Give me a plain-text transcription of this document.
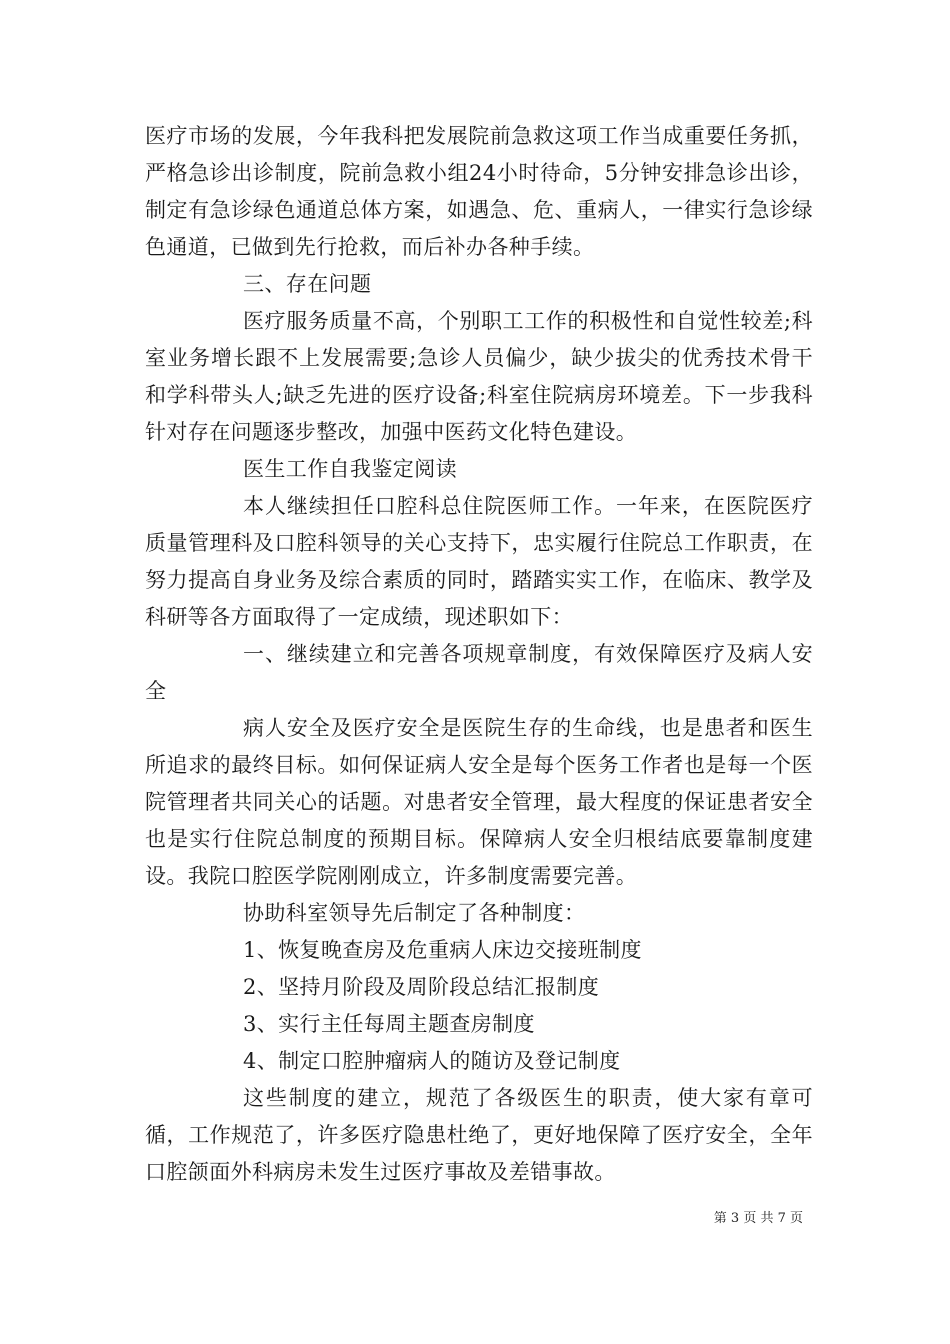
医疗市场的发展，今年我科把发展院前急救这项工作当成重要任务抓，严格急诊出诊制度，院前急救小组24小时待命，5分钟安排急诊出诊，制定有急诊绿色通道总体方案，如遇急、危、重病人，一律实行急诊绿色通道，已做到先行抢救，而后补办各种手续。

三、存在问题

医疗服务质量不高，个别职工工作的积极性和自觉性较差;科室业务增长跟不上发展需要;急诊人员偏少，缺少拔尖的优秀技术骨干和学科带头人;缺乏先进的医疗设备;科室住院病房环境差。下一步我科针对存在问题逐步整改，加强中医药文化特色建设。

医生工作自我鉴定阅读

本人继续担任口腔科总住院医师工作。一年来，在医院医疗质量管理科及口腔科领导的关心支持下，忠实履行住院总工作职责，在努力提高自身业务及综合素质的同时，踏踏实实工作，在临床、教学及科研等各方面取得了一定成绩，现述职如下：

一、继续建立和完善各项规章制度，有效保障医疗及病人安全

病人安全及医疗安全是医院生存的生命线，也是患者和医生所追求的最终目标。如何保证病人安全是每个医务工作者也是每一个医院管理者共同关心的话题。对患者安全管理，最大程度的保证患者安全也是实行住院总制度的预期目标。保障病人安全归根结底要靠制度建设。我院口腔医学院刚刚成立，许多制度需要完善。

协助科室领导先后制定了各种制度：

1、恢复晚查房及危重病人床边交接班制度

2、坚持月阶段及周阶段总结汇报制度

3、实行主任每周主题查房制度

4、制定口腔肿瘤病人的随访及登记制度

这些制度的建立，规范了各级医生的职责，使大家有章可循，工作规范了，许多医疗隐患杜绝了，更好地保障了医疗安全，全年口腔颌面外科病房未发生过医疗事故及差错事故。

第 3 页 共 7 页
